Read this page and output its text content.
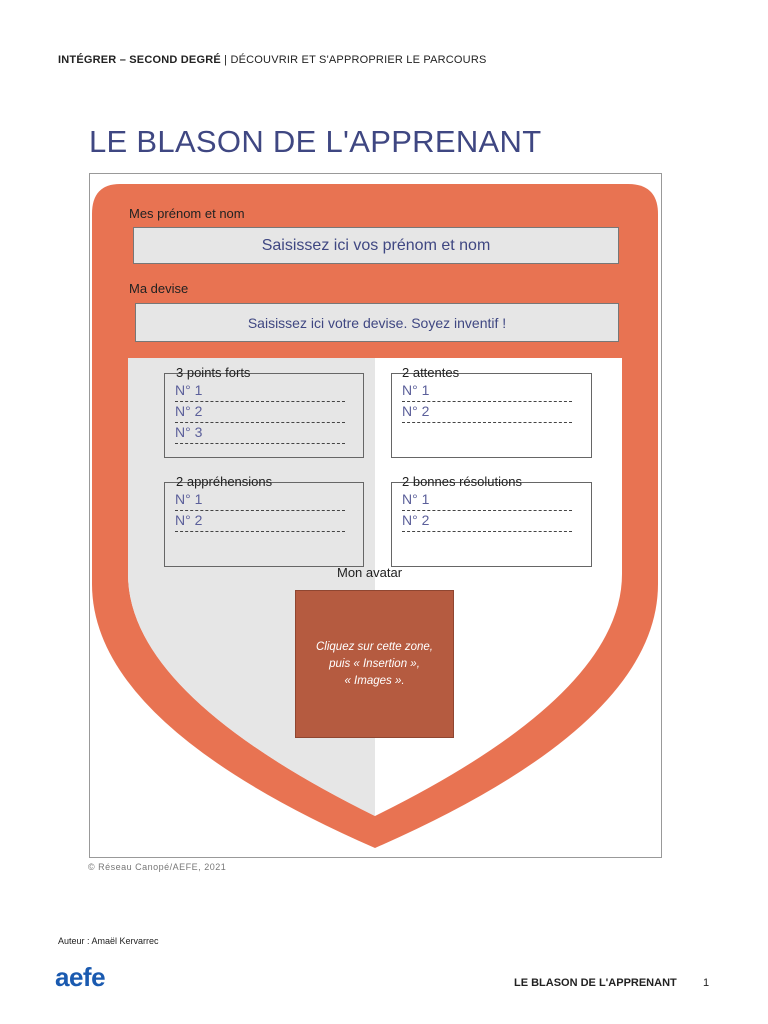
INTÉGRER – SECOND DEGRÉ | DÉCOUVRIR ET S'APPROPRIER LE PARCOURS
LE BLASON DE L'APPRENANT
Mes prénom et nom
Saisissez ici vos prénom et nom
Ma devise
Saisissez ici votre devise. Soyez inventif !
3 points forts
N° 1
N° 2
N° 3
2 attentes
N° 1
N° 2
2 appréhensions
N° 1
N° 2
2 bonnes résolutions
N° 1
N° 2
Mon avatar
Cliquez sur cette zone,
puis « Insertion »,
« Images ».
© Réseau Canopé/AEFE, 2021
Auteur : Amaël Kervarrec
aefe	LE BLASON DE L'APPRENANT 1
